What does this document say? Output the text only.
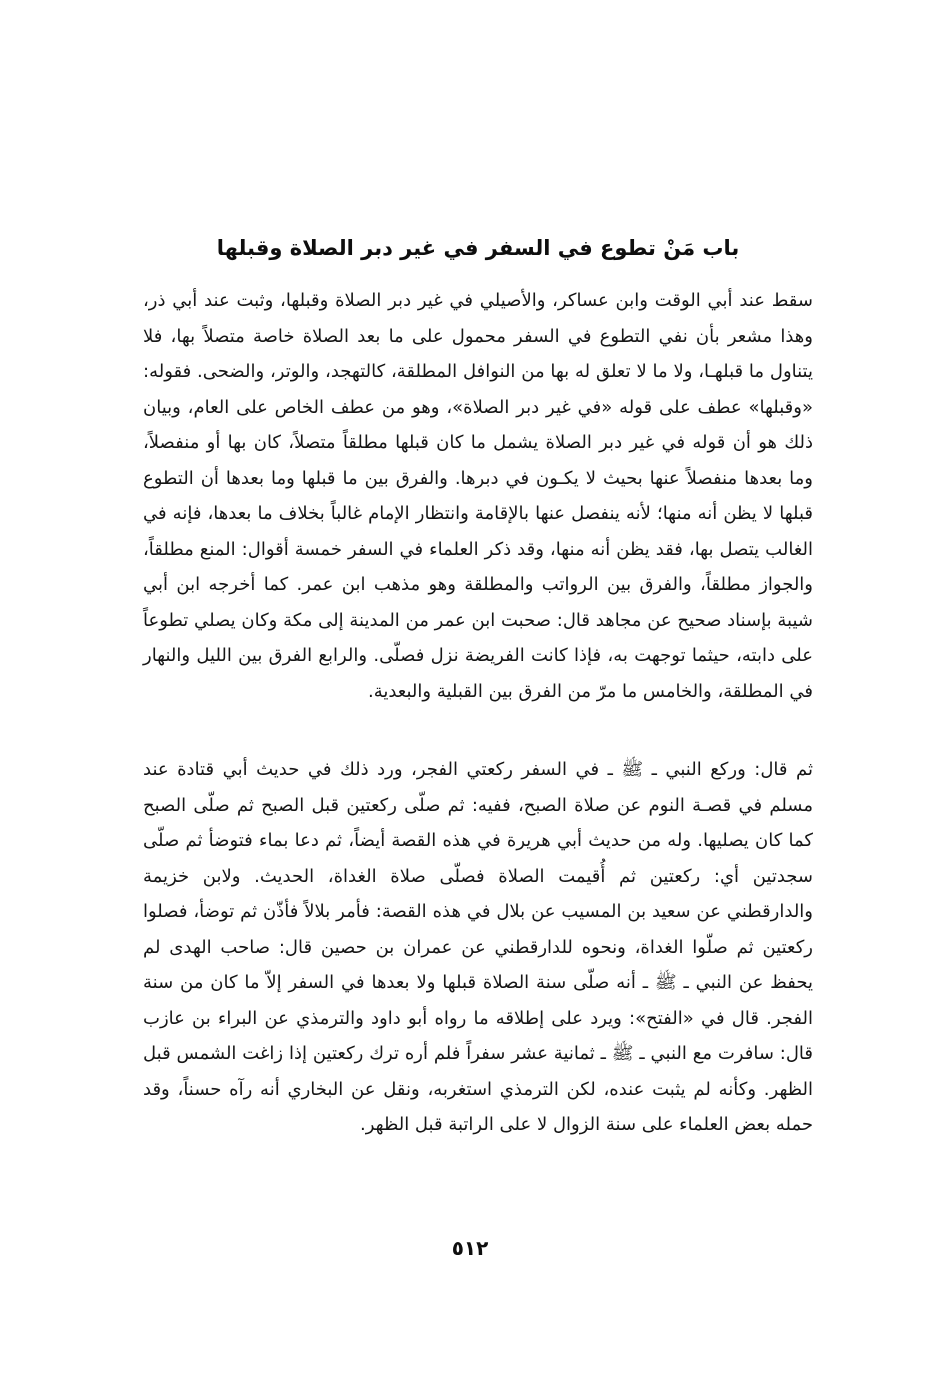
باب مَنْ تطوع في السفر في غير دبر الصلاة وقبلها
سقط عند أبي الوقت وابن عساكر، والأصيلي في غير دبر الصلاة وقبلها، وثبت عند أبي ذر، وهذا مشعر بأن نفي التطوع في السفر محمول على ما بعد الصلاة خاصة متصلاً بها، فلا يتناول ما قبلهـا، ولا ما لا تعلق له بها من النوافل المطلقة، كالتهجد، والوتر، والضحى. فقوله: «وقبلها» عطف على قوله «في غير دبر الصلاة»، وهو من عطف الخاص على العام، وبيان ذلك هو أن قوله في غير دبر الصلاة يشمل ما كان قبلها مطلقاً متصلاً، كان بها أو منفصلاً، وما بعدها منفصلاً عنها بحيث لا يكـون في دبرها. والفرق بين ما قبلها وما بعدها أن التطوع قبلها لا يظن أنه منها؛ لأنه ينفصل عنها بالإقامة وانتظار الإمام غالباً بخلاف ما بعدها، فإنه في الغالب يتصل بها، فقد يظن أنه منها، وقد ذكر العلماء في السفر خمسة أقوال: المنع مطلقاً، والجواز مطلقاً، والفرق بين الرواتب والمطلقة وهو مذهب ابن عمر. كما أخرجه ابن أبي شيبة بإسناد صحيح عن مجاهد قال: صحبت ابن عمر من المدينة إلى مكة وكان يصلي تطوعاً على دابته، حيثما توجهت به، فإذا كانت الفريضة نزل فصلّى. والرابع الفرق بين الليل والنهار في المطلقة، والخامس ما مرّ من الفرق بين القبلية والبعدية.
ثم قال: وركع النبي ـ ﷺ ـ في السفر ركعتي الفجر، ورد ذلك في حديث أبي قتادة عند مسلم في قصـة النوم عن صلاة الصبح، ففيه: ثم صلّى ركعتين قبل الصبح ثم صلّى الصبح كما كان يصليها. وله من حديث أبي هريرة في هذه القصة أيضاً، ثم دعا بماء فتوضأ ثم صلّى سجدتين أي: ركعتين ثم أُقيمت الصلاة فصلّى صلاة الغداة، الحديث. ولابن خزيمة والدارقطني عن سعيد بن المسيب عن بلال في هذه القصة: فأمر بلالاً فأذّن ثم توضأ، فصلوا ركعتين ثم صلّوا الغداة، ونحوه للدارقطني عن عمران بن حصين قال: صاحب الهدى لم يحفظ عن النبي ـ ﷺ ـ أنه صلّى سنة الصلاة قبلها ولا بعدها في السفر إلاّ ما كان من سنة الفجر. قال في «الفتح»: ويرد على إطلاقه ما رواه أبو داود والترمذي عن البراء بن عازب قال: سافرت مع النبي ـ ﷺ ـ ثمانية عشر سفراً فلم أره ترك ركعتين إذا زاغت الشمس قبل الظهر. وكأنه لم يثبت عنده، لكن الترمذي استغربه، ونقل عن البخاري أنه رآه حسناً، وقد حمله بعض العلماء على سنة الزوال لا على الراتبة قبل الظهر.
٥١٢
